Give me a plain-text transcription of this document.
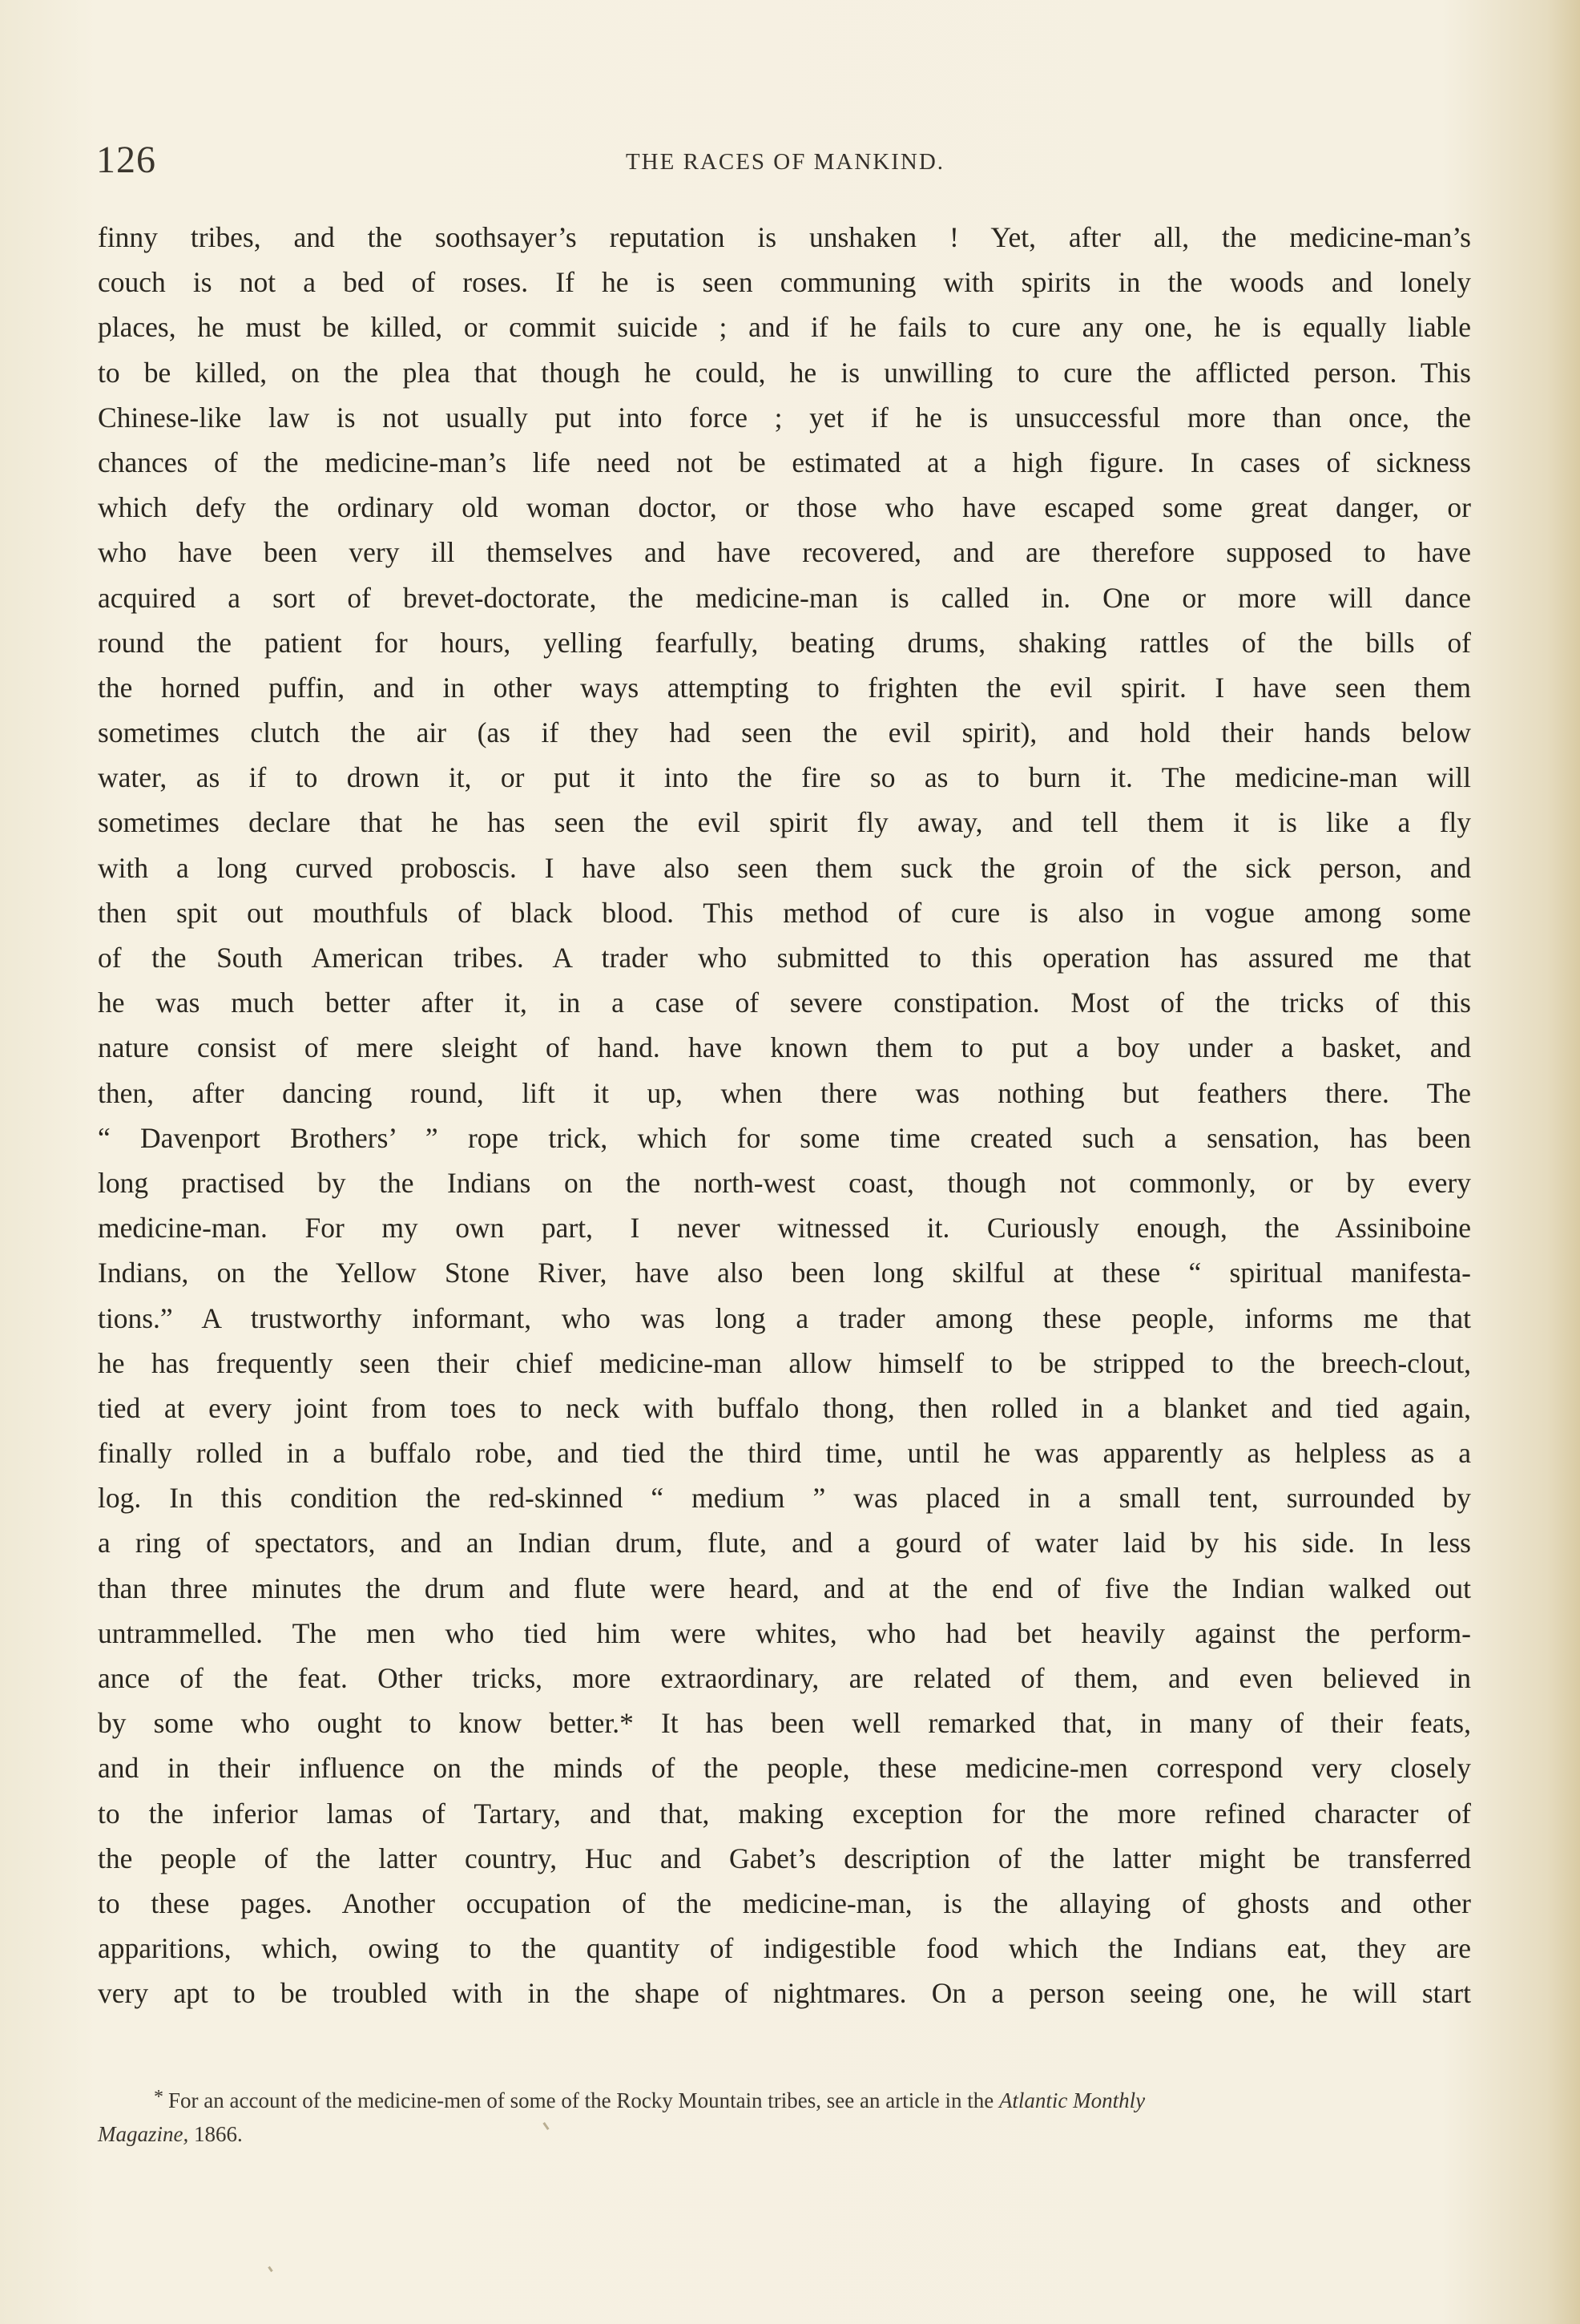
126	THE RACES OF MANKIND.
finny tribes, and the soothsayer’s reputation is unshaken ! Yet, after all, the medicine-man’s
couch is not a bed of roses. If he is seen communing with spirits in the woods and lonely
places, he must be killed, or commit suicide ; and if he fails to cure any one, he is equally liable
to be killed, on the plea that though he could, he is unwilling to cure the afflicted person. This
Chinese-like law is not usually put into force ; yet if he is unsuccessful more than once, the
chances of the medicine-man’s life need not be estimated at a high figure. In cases of sickness
which defy the ordinary old woman doctor, or those who have escaped some great danger, or
who have been very ill themselves and have recovered, and are therefore supposed to have
acquired a sort of brevet-doctorate, the medicine-man is called in. One or more will dance
round the patient for hours, yelling fearfully, beating drums, shaking rattles of the bills of
the horned puffin, and in other ways attempting to frighten the evil spirit. I have seen them
sometimes clutch the air (as if they had seen the evil spirit), and hold their hands below
water, as if to drown it, or put it into the fire so as to burn it. The medicine-man will
sometimes declare that he has seen the evil spirit fly away, and tell them it is like a fly
with a long curved proboscis. I have also seen them suck the groin of the sick person, and
then spit out mouthfuls of black blood. This method of cure is also in vogue among some
of the South American tribes. A trader who submitted to this operation has assured me that
he was much better after it, in a case of severe constipation. Most of the tricks of this
nature consist of mere sleight of hand. have known them to put a boy under a basket, and
then, after dancing round, lift it up, when there was nothing but feathers there. The
“ Davenport Brothers’ ” rope trick, which for some time created such a sensation, has been
long practised by the Indians on the north-west coast, though not commonly, or by every
medicine-man. For my own part, I never witnessed it. Curiously enough, the Assiniboine
Indians, on the Yellow Stone River, have also been long skilful at these “ spiritual manifesta-
tions.” A trustworthy informant, who was long a trader among these people, informs me that
he has frequently seen their chief medicine-man allow himself to be stripped to the breech-clout,
tied at every joint from toes to neck with buffalo thong, then rolled in a blanket and tied again,
finally rolled in a buffalo robe, and tied the third time, until he was apparently as helpless as a
log. In this condition the red-skinned “ medium ” was placed in a small tent, surrounded by
a ring of spectators, and an Indian drum, flute, and a gourd of water laid by his side. In less
than three minutes the drum and flute were heard, and at the end of five the Indian walked out
untrammelled. The men who tied him were whites, who had bet heavily against the perform-
ance of the feat. Other tricks, more extraordinary, are related of them, and even believed in
by some who ought to know better.* It has been well remarked that, in many of their feats,
and in their influence on the minds of the people, these medicine-men correspond very closely
to the inferior lamas of Tartary, and that, making exception for the more refined character of
the people of the latter country, Huc and Gabet’s description of the latter might be transferred
to these pages. Another occupation of the medicine-man, is the allaying of ghosts and other
apparitions, which, owing to the quantity of indigestible food which the Indians eat, they are
very apt to be troubled with in the shape of nightmares. On a person seeing one, he will start
* For an account of the medicine-men of some of the Rocky Mountain tribes, see an article in the Atlantic Monthly
Magazine, 1866.
